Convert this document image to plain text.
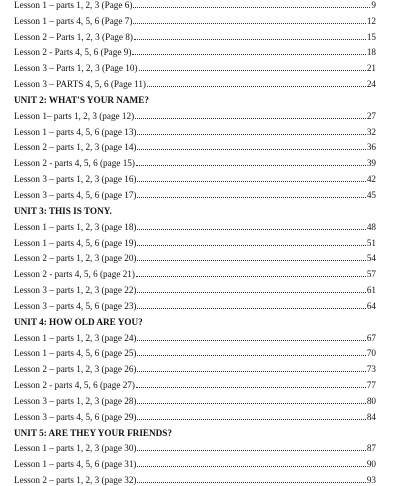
Lesson 1 – parts 1, 2, 3 (Page 6)	9
Lesson 1 – parts 4, 5, 6 (Page 7)	12
Lesson 2 – Parts 1, 2, 3 (Page 8)	15
Lesson 2 - Parts 4, 5, 6 (Page 9)	18
Lesson 3 – Parts 1, 2, 3 (Page 10)	21
Lesson 3 – PARTS 4, 5, 6 (Page 11)	24
UNIT 2: WHAT'S YOUR NAME?
Lesson 1– parts 1, 2, 3 (page 12)	27
Lesson 1 – parts 4, 5, 6 (page 13)	32
Lesson 2 – parts 1, 2, 3 (page 14)	36
Lesson 2 - parts 4, 5, 6 (page 15)	39
Lesson 3 – parts 1, 2, 3 (page 16)	42
Lesson 3 – parts 4, 5, 6 (page 17)	45
UNIT 3: THIS IS TONY.
Lesson 1 – parts 1, 2, 3 (page 18)	48
Lesson 1 – parts 4, 5, 6 (page 19)	51
Lesson 2 – parts 1, 2, 3 (page 20)	54
Lesson 2 - parts 4, 5, 6 (page 21)	57
Lesson 3 – parts 1, 2, 3 (page 22)	61
Lesson 3 – parts 4, 5, 6 (page 23)	64
UNIT 4: HOW OLD ARE YOU?
Lesson 1 – parts 1, 2, 3 (page 24)	67
Lesson 1 – parts 4, 5, 6 (page 25)	70
Lesson 2 – parts 1, 2, 3 (page 26)	73
Lesson 2 - parts 4, 5, 6 (page 27)	77
Lesson 3 – parts 1, 2, 3 (page 28)	80
Lesson 3 – parts 4, 5, 6 (page 29)	84
UNIT 5: ARE THEY YOUR FRIENDS?
Lesson 1 – parts 1, 2, 3 (page 30)	87
Lesson 1 – parts 4, 5, 6 (page 31)	90
Lesson 2 – parts 1, 2, 3 (page 32)	93
